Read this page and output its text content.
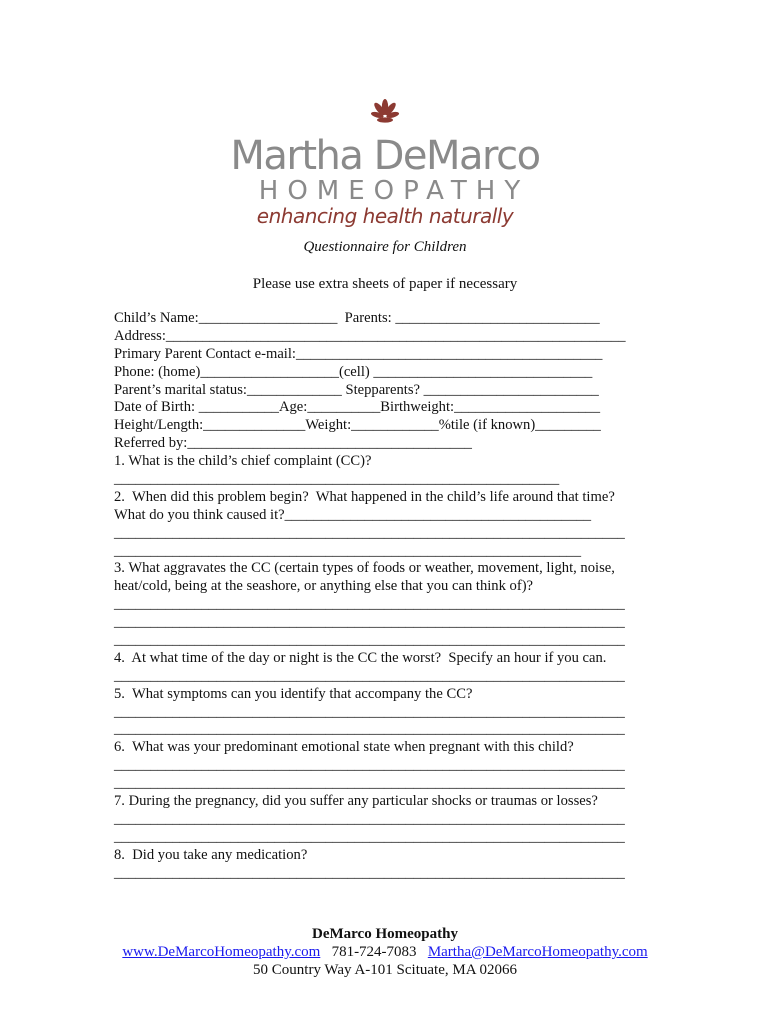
Martha DeMarco
HOMEOPATHY
enhancing health naturally
Questionnaire for Children
Please use extra sheets of paper if necessary
Child’s Name:___________________  Parents: ____________________________
Address:_______________________________________________________________
Primary Parent Contact e-mail:__________________________________________
Phone: (home)___________________(cell) ______________________________
Parent’s marital status:_____________ Stepparents? ________________________
Date of Birth: ___________Age:__________Birthweight:____________________
Height/Length:______________Weight:____________%tile (if known)_________
Referred by:_______________________________________
1. What is the child’s chief complaint (CC)?
_____________________________________________________________
2.  When did this problem begin?  What happened in the child’s life around that time?
What do you think caused it?__________________________________________
______________________________________________________________________
________________________________________________________________
3. What aggravates the CC (certain types of foods or weather, movement, light, noise,
heat/cold, being at the seashore, or anything else that you can think of)?
______________________________________________________________________
______________________________________________________________________
______________________________________________________________________
4.  At what time of the day or night is the CC the worst?  Specify an hour if you can.
______________________________________________________________________
5.  What symptoms can you identify that accompany the CC?
______________________________________________________________________
______________________________________________________________________
6.  What was your predominant emotional state when pregnant with this child?
______________________________________________________________________
______________________________________________________________________
7. During the pregnancy, did you suffer any particular shocks or traumas or losses?
______________________________________________________________________
______________________________________________________________________
8.  Did you take any medication?
______________________________________________________________________
DeMarco Homeopathy
www.DeMarcoHomeopathy.com 781-724-7083 Martha@DeMarcoHomeopathy.com
50 Country Way A-101 Scituate, MA 02066
